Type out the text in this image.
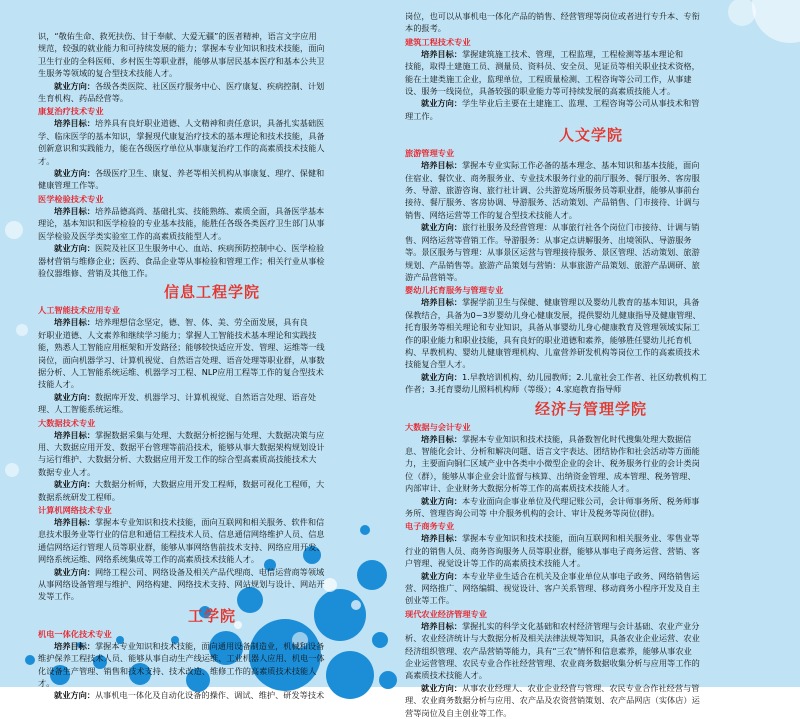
识，“敬佑生命、救死扶伤、甘于奉献、大爱无疆”的医者精神，语言文字应用

规范，较强的就业能力和可持续发展的能力；掌握本专业知识和技术技能，面向

卫生行业的全科医师、乡村医生等职业群，能够从事居民基本医疗和基本公共卫

生服务等领域的复合型技术技能人才。

就业方向：各级各类医院、社区医疗服务中心、医疗康复、疾病控制、计划

生育机构、药品经营等。

康复治疗技术专业

培养目标：培养具有良好职业道德、人文精神和责任意识，具备扎实基础医

学、临床医学的基本知识，掌握现代康复治疗技术的基本理论和技术技能，具备

创新意识和实践能力，能在各级医疗单位从事康复治疗工作的高素质技术技能人

才。

就业方向：各级医疗卫生、康复、养老等相关机构从事康复、理疗、保健和

健康管理工作等。

医学检验技术专业

培养目标：培养品德高尚、基础扎实、技能熟练、素质全面，具备医学基本

理论，基本知识和医学检验的专业基本技能，能胜任各级各类医疗卫生部门从事

医学检验及医学类实验室工作的高素质技能型人才。

就业方向：医院及社区卫生服务中心、血站、疾病预防控制中心、医学检验

器材营销与维修企业；医药、食品企业等从事检验和管理工作；相关行业从事检

验仪器维修、营销及其他工作。

信息工程学院

人工智能技术应用专业

培养目标：培养理想信念坚定，德、智、体、美、劳全面发展，具有良

好职业道德、人文素养和继续学习能力；掌握人工智能技术基本理论和实践技

能，熟悉人工智能应用框架和开发路径；能够较快适应开发、管理、运维等一线

岗位，面向机器学习、计算机视觉、自然语言处理、语音处理等职业群，从事数

据分析、人工智能系统运维、机器学习工程、NLP应用工程等工作的复合型技术

技能人才。

就业方向：数据库开发、机器学习、计算机视觉、自然语言处理、语音处

理、人工智能系统运维。

大数据技术专业

培养目标：掌握数据采集与处理、大数据分析挖掘与处理、大数据决策与应

用、大数据应用开发、数据平台管理等前沿技术，能够从事大数据架构规划设计

与运行维护、大数据分析、大数据应用开发工作的综合型高素质高技能技术大

数据专业人才。

就业方向：大数据分析师，大数据应用开发工程师，数据可视化工程师，大

数据系统研发工程师。

计算机网络技术专业

培养目标：掌握本专业知识和技术技能，面向互联网和相关服务、软件和信

息技术服务业等行业的信息和通信工程技术人员、信息通信网络维护人员、信息

通信网络运行管理人员等职业群，能够从事网络售前技术支持、网络应用开发、

网络系统运维、网络系统集成等工作的高素质技术技能人才。

就业方向：网络工程公司、网络设备及相关产品代理商、电信运营商等领域

从事网络设备管理与维护、网络构建、网络技术支持、网站规划与设计、网站开

发等工作。

工学院

机电一体化技术专业

培养目标：掌握本专业知识和技术技能，面向通用设备制造业，机械和设备

维护保养工程技术人员、能够从事自动生产线运维、工业机器人应用、机电一体

化设备生产管理、销售和技术支持、技术改造、维修工作的高素质技术技能人

才。

就业方向：从事机电一体化及自动化设备的操作、调试、维护、研发等技术

岗位，也可以从事机电一体化产品的销售、经营管理等岗位或者进行专升本、专衔

本的报考。

建筑工程技术专业

培养目标：掌握建筑施工技术、管理，工程监理，工程检测等基本理论和

技能，取得土建施工员、测量员、资料员、安全员、见证员等相关职业技术资格，

能在土建类施工企业，监理单位，工程质量检测、工程咨询等公司工作，从事建

设、服务一线岗位，具备较强的职业能力等可持续发展的高素质技能人才。

就业方向：学生毕业后主要在土建施工、监理、工程咨询等公司从事技术和管

理工作。

人文学院

旅游管理专业

培养目标：掌握本专业实际工作必备的基本理念、基本知识和基本技能，面向

住宿业、餐饮业、商务服务业、专业技术服务行业的前厅服务、餐厅服务、客房服

务、导游、旅游咨询、旅行社计调、公共游览场所服务员等职业群，能够从事前台

接待、餐厅服务、客房协调、导游服务、活动策划、产品销售、门市接待、计调与

销售、网络运营等工作的复合型技术技能人才。

就业方向：旅行社服务及经营管理：从事旅行社各个岗位门市接待、计调与销

售、网络运营等营销工作。导游服务：从事定点讲解服务、出境领队、导游服务

等。景区服务与管理：从事景区运营与管理接待服务、景区管理、活动策划、旅游

规划、产品销售等。旅游产品策划与营销：从事旅游产品策划、旅游产品调研、旅

游产品营销等。

婴幼儿托育服务与管理专业

培养目标：掌握学前卫生与保健、健康管理以及婴幼儿教育的基本知识，具备

保教结合，具备为0~3岁婴幼儿身心健康发展，提供婴幼儿健康指导及健康管理、

托育服务等相关理论和专业知识，具备从事婴幼儿身心健康教育及管理领域实际工

作的职业能力和职业技能，具有良好的职业道德和素养，能够胜任婴幼儿托育机

构、早教机构、婴幼儿健康管理机构、儿童营养研发机构等岗位工作的高素质技术

技能复合型人才。

就业方向：1.早教培训机构、幼儿园教师；2.儿童社会工作者、社区幼教机构工

作者；3.托育婴幼儿照料机构师（等级）；4.家庭教育指导师

经济与管理学院

大数据与会计专业

培养目标：掌握本专业知识和技术技能，具备数智化时代搜集处理大数据信

息、智能化会计、分析和解决问题、语言文字表达、团结协作和社会活动等方面能

力，主要面向铜仁区域产业中各类中小微型企业的会计、税务服务行业的会计类岗

位（群），能够从事企业会计监督与核算、出纳资金管理、成本管理、税务管理、

内部审计、企业财务大数据分析等工作的高素质技术技能人才。

就业方向：本专业面向企事业单位及代理记账公司，会计师事务所、税务师事

务所、管理咨询公司等 中介服务机构的会计、审计及税务等岗位(群)。

电子商务专业

培养目标：掌握本专业知识和技术技能，面向互联网和相关服务业、零售业等

行业的销售人员、商务咨询服务人员等职业群，能够从事电子商务运营、营销、客

户管理、视觉设计等工作的高素质技术技能人才。

就业方向：本专业毕业生适合在机关及企事业单位从事电子政务、网络销售运

营、网络推广、网络编辑、视觉设计、客户关系管理、移动商务小程序开发及自主

创业等工作。

现代农业经济管理专业

培养目标：掌握扎实的科学文化基础和农村经济管理与会计基础、农业产业分

析、农业经济统计与大数据分析及相关法律法规等知识，具备农业企业运营、农业

经济组织管理、农产品营销等能力，具有“三农”情怀和信息素养，能够从事农业

企业运营管理、农民专业合作社经营管理、农业商务数据收集分析与应用等工作的

高素质技术技能人才。

就业方向：从事农业经理人、农业企业经营与管理、农民专业合作社经营与管

理、农业商务数据分析与应用、农产品及农资营销策划、农产品网店（实体店）运

营等岗位及自主创业等工作。
